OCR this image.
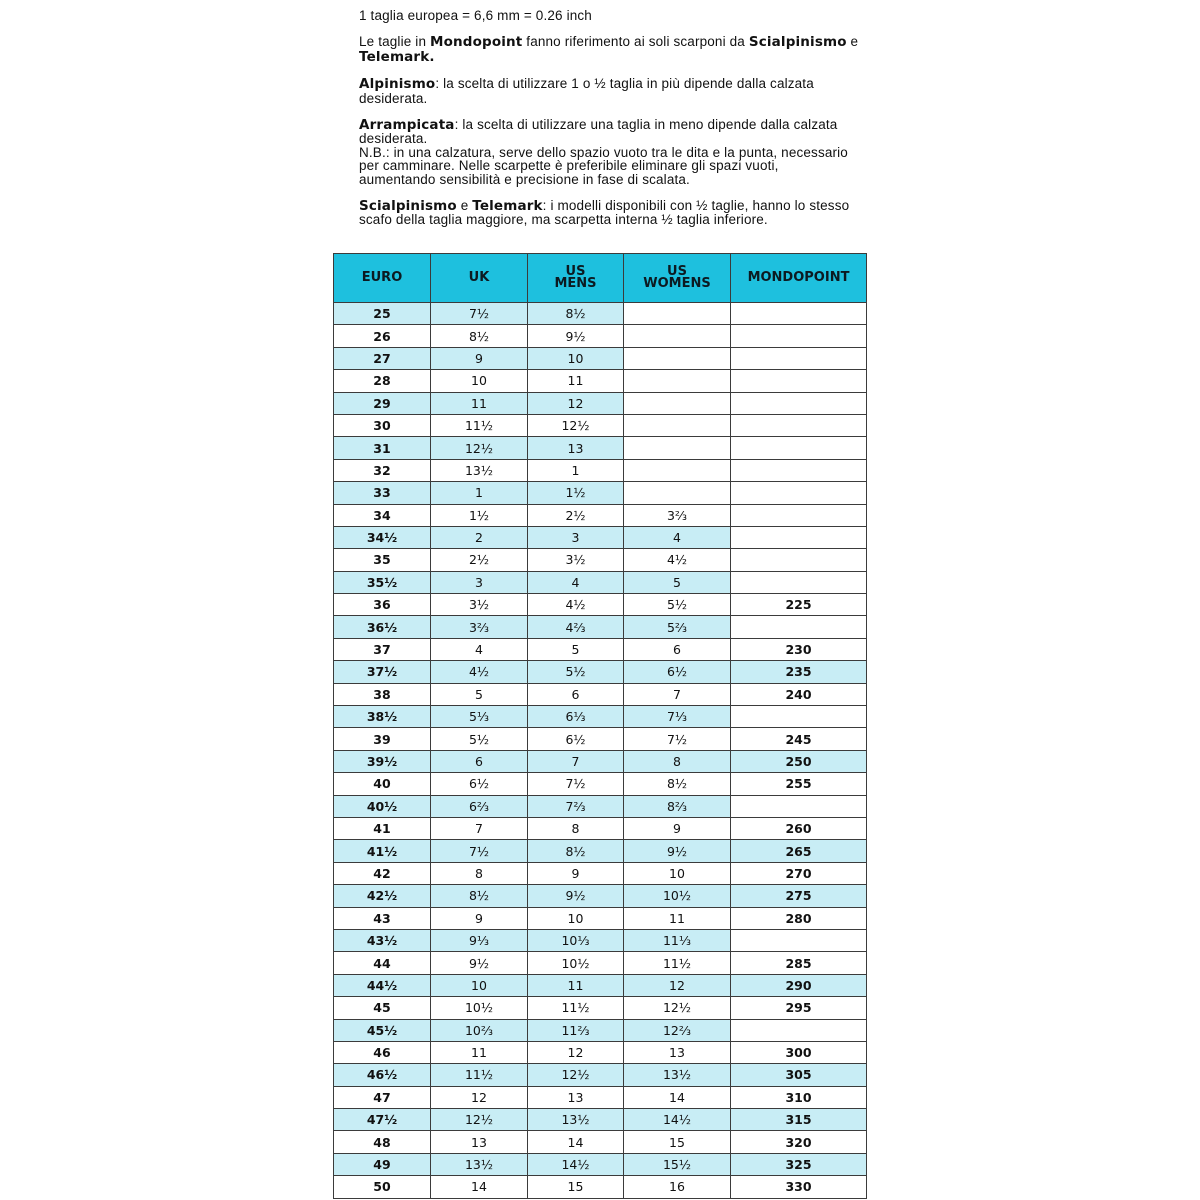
1 taglia europea = 6,6 mm = 0.26 inch

Le taglie in Mondopoint fanno riferimento ai soli scarponi da Scialpinismo e Telemark.

Alpinismo: la scelta di utilizzare 1 o ½ taglia in più dipende dalla calzata desiderata.

Arrampicata: la scelta di utilizzare una taglia in meno dipende dalla calzata desiderata.
N.B.: in una calzatura, serve dello spazio vuoto tra le dita e la punta, necessario per camminare. Nelle scarpette è preferibile eliminare gli spazi vuoti, aumentando sensibilità e precisione in fase di scalata.

Scialpinismo e Telemark: i modelli disponibili con ½ taglie, hanno lo stesso scafo della taglia maggiore, ma scarpetta interna ½ taglia inferiore.

EURO	UK	US MENS	US WOMENS	MONDOPOINT
25	7½	8½		
26	8½	9½		
27	9	10		
28	10	11		
29	11	12		
30	11½	12½		
31	12½	13		
32	13½	1		
33	1	1½		
34	1½	2½	3⅔	
34½	2	3	4	
35	2½	3½	4½	
35½	3	4	5	
36	3½	4½	5½	225
36½	3⅔	4⅔	5⅔	
37	4	5	6	230
37½	4½	5½	6½	235
38	5	6	7	240
38½	5⅓	6⅓	7⅓	
39	5½	6½	7½	245
39½	6	7	8	250
40	6½	7½	8½	255
40½	6⅔	7⅔	8⅔	
41	7	8	9	260
41½	7½	8½	9½	265
42	8	9	10	270
42½	8½	9½	10½	275
43	9	10	11	280
43½	9⅓	10⅓	11⅓	
44	9½	10½	11½	285
44½	10	11	12	290
45	10½	11½	12½	295
45½	10⅔	11⅔	12⅔	
46	11	12	13	300
46½	11½	12½	13½	305
47	12	13	14	310
47½	12½	13½	14½	315
48	13	14	15	320
49	13½	14½	15½	325
50	14	15	16	330
